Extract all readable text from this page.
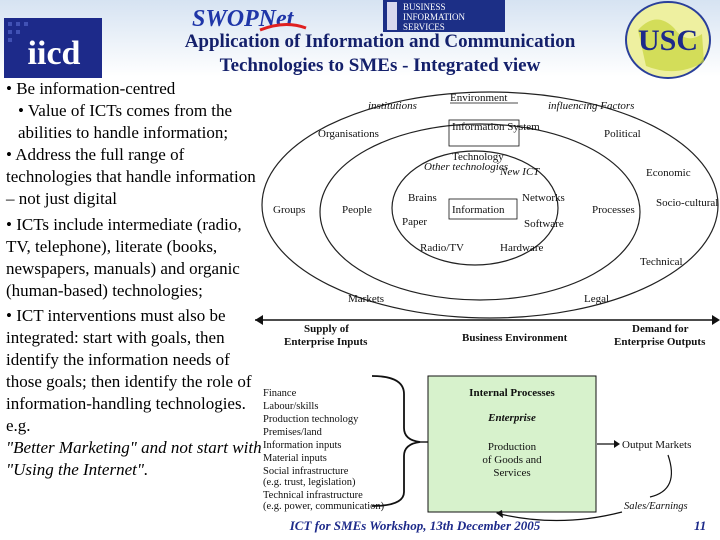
iicd
SWOPNet	BUSINESS
INFORMATION
SERVICES	USC
Application of Information and Communication
Technologies to SMEs - Integrated view

• Be information-centred

• Value of ICTs comes from the abilities to handle information;

• Address the full range of technologies that handle information – not just digital

• ICTs include intermediate (radio, TV, telephone), literate (books, newspapers, manuals) and organic (human-based) technologies;

• ICT interventions must also be integrated: start with goals, then identify the information needs of those goals; then identify the role of information-handling technologies. e.g.

"Better Marketing" and not start with "Using the Internet".

Environment
institutions	influencing Factors
Political
Economic
Socio-cultural
Technical
Legal
Markets
Groups
Organisations
Information System
Technology
People	Processes
Other technologies
New ICT
Brains	Networks
Paper
Information
Software
Radio/TV	Hardware
Supply of
Enterprise Inputs	Business Environment
Demand for
Enterprise Outputs
Finance
Labour/skills
Production technology
Premises/land
Information inputs
Material inputs
Social infrastructure
(e.g. trust, legislation)
Technical infrastructure
(e.g. power, communication)
Internal Processes
Enterprise
Production
of Goods and
Services
Output Markets
Sales/Earnings
ICT for SMEs Workshop, 13th December 2005	11
